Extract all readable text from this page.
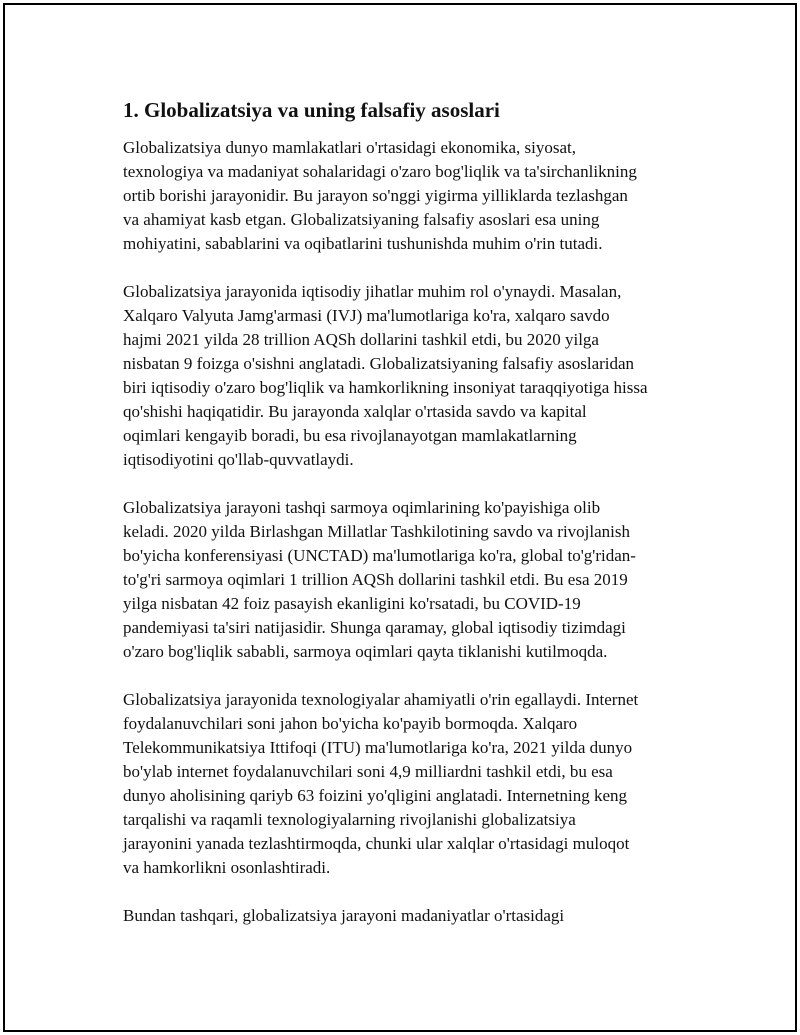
1. Globalizatsiya va uning falsafiy asoslari

Globalizatsiya dunyo mamlakatlari o'rtasidagi ekonomika, siyosat,
texnologiya va madaniyat sohalaridagi o'zaro bog'liqlik va ta'sirchanlikning
ortib borishi jarayonidir. Bu jarayon so'nggi yigirma yilliklarda tezlashgan
va ahamiyat kasb etgan. Globalizatsiyaning falsafiy asoslari esa uning
mohiyatini, sabablarini va oqibatlarini tushunishda muhim o'rin tutadi.

Globalizatsiya jarayonida iqtisodiy jihatlar muhim rol o'ynaydi. Masalan,
Xalqaro Valyuta Jamg'armasi (IVJ) ma'lumotlariga ko'ra, xalqaro savdo
hajmi 2021 yilda 28 trillion AQSh dollarini tashkil etdi, bu 2020 yilga
nisbatan 9 foizga o'sishni anglatadi. Globalizatsiyaning falsafiy asoslaridan
biri iqtisodiy o'zaro bog'liqlik va hamkorlikning insoniyat taraqqiyotiga hissa
qo'shishi haqiqatidir. Bu jarayonda xalqlar o'rtasida savdo va kapital
oqimlari kengayib boradi, bu esa rivojlanayotgan mamlakatlarning
iqtisodiyotini qo'llab-quvvatlaydi.

Globalizatsiya jarayoni tashqi sarmoya oqimlarining ko'payishiga olib
keladi. 2020 yilda Birlashgan Millatlar Tashkilotining savdo va rivojlanish
bo'yicha konferensiyasi (UNCTAD) ma'lumotlariga ko'ra, global to'g'ridan-
to'g'ri sarmoya oqimlari 1 trillion AQSh dollarini tashkil etdi. Bu esa 2019
yilga nisbatan 42 foiz pasayish ekanligini ko'rsatadi, bu COVID-19
pandemiyasi ta'siri natijasidir. Shunga qaramay, global iqtisodiy tizimdagi
o'zaro bog'liqlik sababli, sarmoya oqimlari qayta tiklanishi kutilmoqda.

Globalizatsiya jarayonida texnologiyalar ahamiyatli o'rin egallaydi. Internet
foydalanuvchilari soni jahon bo'yicha ko'payib bormoqda. Xalqaro
Telekommunikatsiya Ittifoqi (ITU) ma'lumotlariga ko'ra, 2021 yilda dunyo
bo'ylab internet foydalanuvchilari soni 4,9 milliardni tashkil etdi, bu esa
dunyo aholisining qariyb 63 foizini yo'qligini anglatadi. Internetning keng
tarqalishi va raqamli texnologiyalarning rivojlanishi globalizatsiya
jarayonini yanada tezlashtirmoqda, chunki ular xalqlar o'rtasidagi muloqot
va hamkorlikni osonlashtiradi.

Bundan tashqari, globalizatsiya jarayoni madaniyatlar o'rtasidagi
